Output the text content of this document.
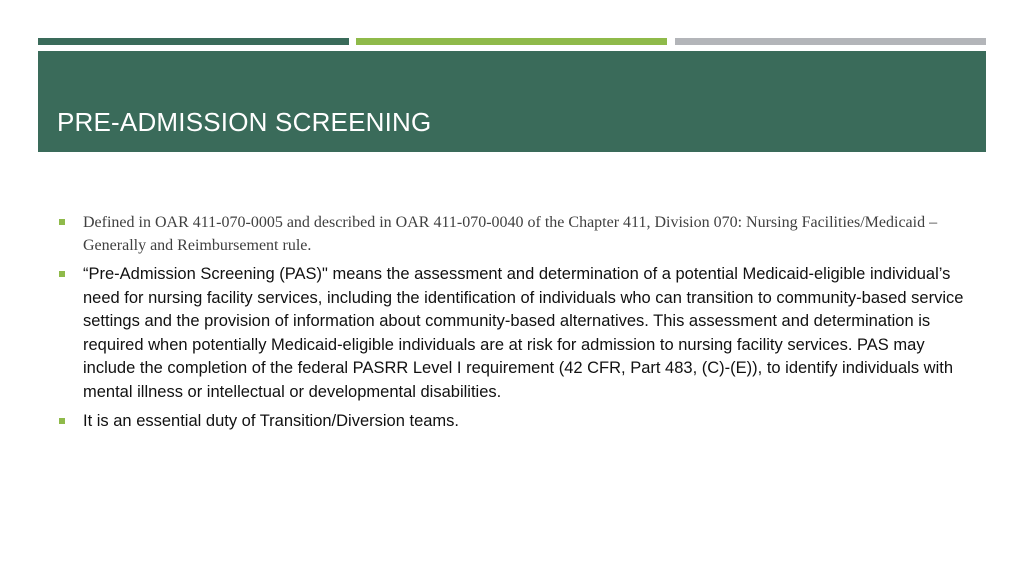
PRE-ADMISSION SCREENING
Defined in OAR 411-070-0005 and described in OAR 411-070-0040 of the Chapter 411, Division 070: Nursing Facilities/Medicaid – Generally and Reimbursement rule.
“Pre-Admission Screening (PAS)" means the assessment and determination of a potential Medicaid-eligible individual’s need for nursing facility services, including the identification of individuals who can transition to community-based service settings and the provision of information about community-based alternatives. This assessment and determination is required when potentially Medicaid-eligible individuals are at risk for admission to nursing facility services. PAS may include the completion of the federal PASRR Level I requirement (42 CFR, Part 483, (C)-(E)), to identify individuals with mental illness or intellectual or developmental disabilities.
It is an essential duty of Transition/Diversion teams.
